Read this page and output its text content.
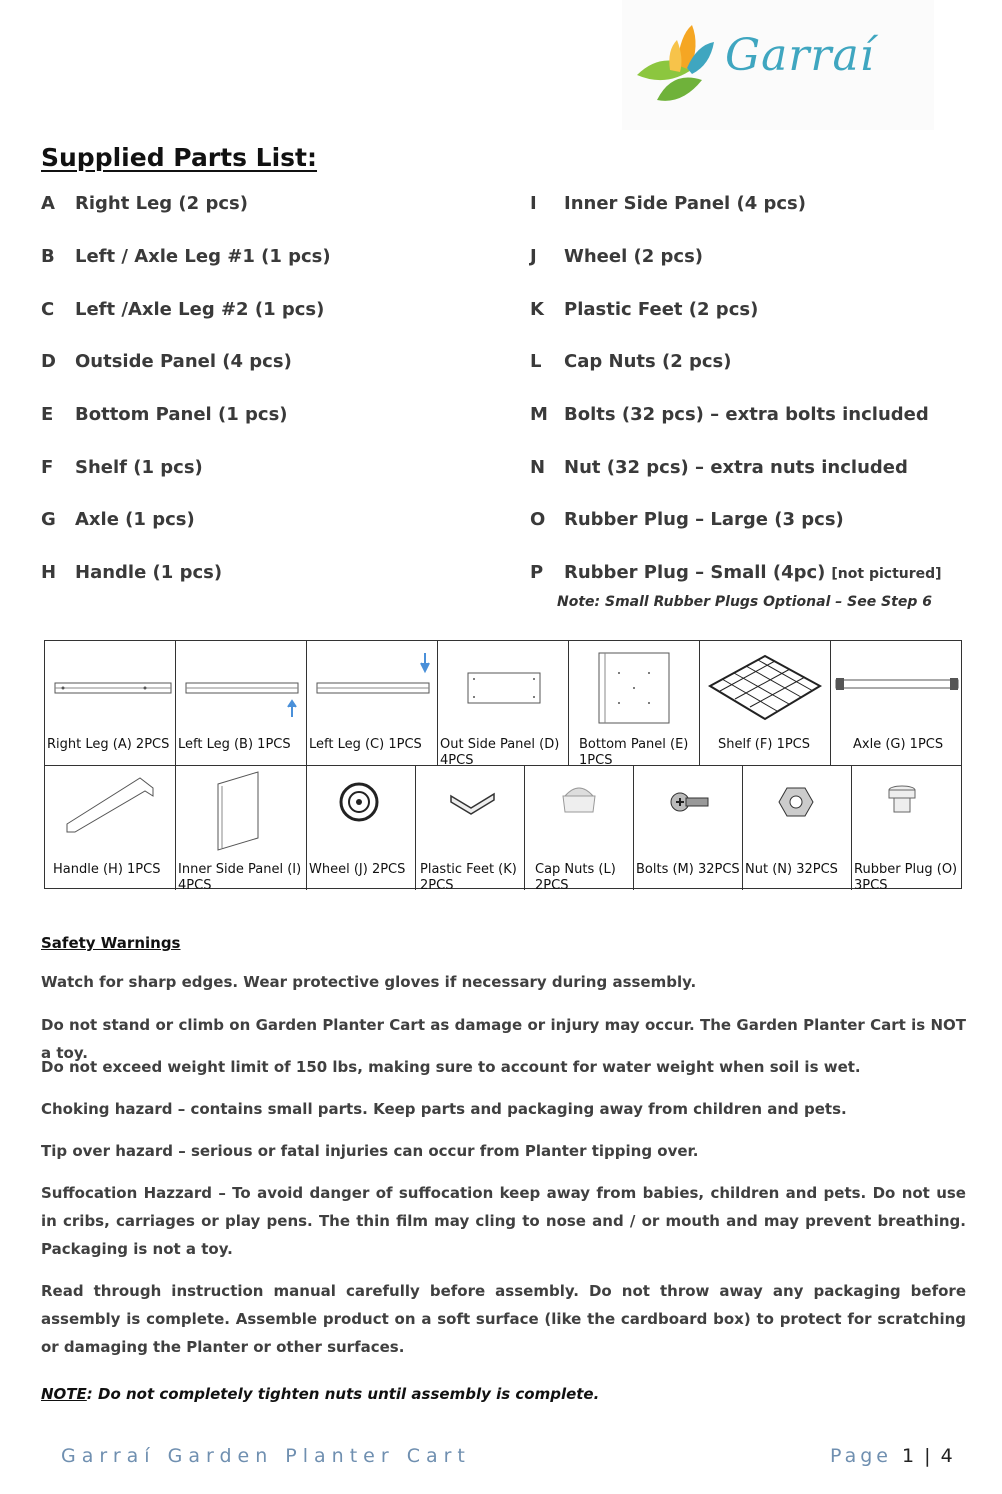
Garraí
Supplied Parts List:
A Right Leg (2 pcs)
B Left / Axle Leg #1 (1 pcs)
C Left /Axle Leg #2 (1 pcs)
D Outside Panel (4 pcs)
E Bottom Panel (1 pcs)
F Shelf (1 pcs)
G Axle (1 pcs)
H Handle (1 pcs)
I Inner Side Panel (4 pcs)
J Wheel (2 pcs)
K Plastic Feet (2 pcs)
L Cap Nuts (2 pcs)
M Bolts (32 pcs) – extra bolts included
N Nut (32 pcs) – extra nuts included
O Rubber Plug – Large (3 pcs)
P Rubber Plug – Small (4pc) [not pictured]
Note: Small Rubber Plugs Optional – See Step 6
Right Leg (A) 2PCS Left Leg (B) 1PCS Left Leg (C) 1PCS Out Side Panel (D) 4PCS
Bottom Panel (E) 1PCS
Shelf (F) 1PCS	Axle (G) 1PCS
Handle (H) 1PCS Inner Side Panel (I) 4PCS
Wheel (J) 2PCS Plastic Feet (K) 2PCS
Cap Nuts (L) 2PCS
Bolts (M) 32PCS Nut (N) 32PCS Rubber Plug (O) 3PCS
Safety Warnings
Watch for sharp edges. Wear protective gloves if necessary during assembly.
Do not stand or climb on Garden Planter Cart as damage or injury may occur. The Garden Planter Cart is NOT a toy.
Do not exceed weight limit of 150 lbs, making sure to account for water weight when soil is wet.
Choking hazard – contains small parts. Keep parts and packaging away from children and pets.
Tip over hazard – serious or fatal injuries can occur from Planter tipping over.
Suffocation Hazzard – To avoid danger of suffocation keep away from babies, children and pets. Do not use in cribs, carriages or play pens. The thin film may cling to nose and / or mouth and may prevent breathing. Packaging is not a toy.
Read through instruction manual carefully before assembly. Do not throw away any packaging before assembly is complete. Assemble product on a soft surface (like the cardboard box) to protect for scratching or damaging the Planter or other surfaces.
NOTE: Do not completely tighten nuts until assembly is complete.
Garraí Garden Planter Cart	Page 1 | 4
